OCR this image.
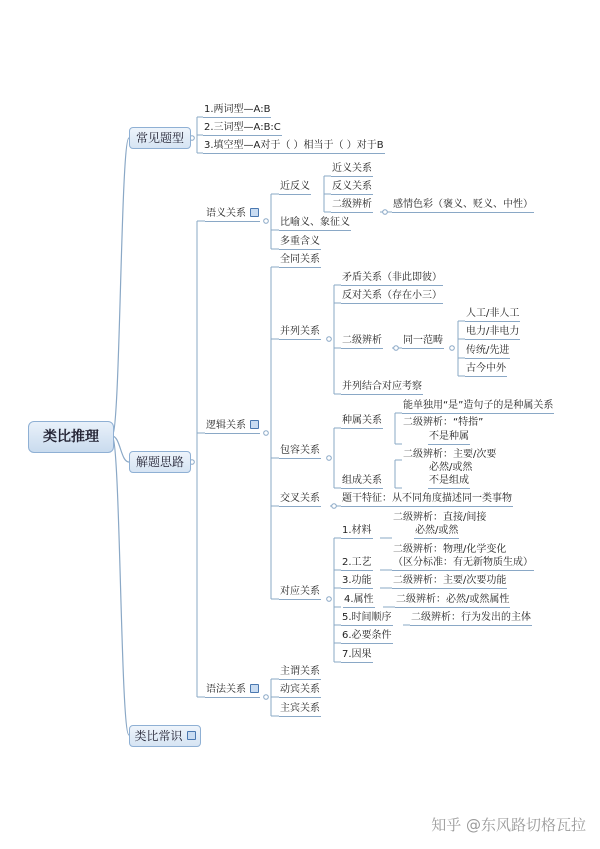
类比推理
常见题型
解题思路
类比常识
1.两词型—A:B
2.三词型—A:B:C
3.填空型—A对于（ ）相当于（ ）对于B
语义关系
近反义
近义关系
反义关系
二级辨析 感情色彩（褒义、贬义、中性）
比喻义、象征义
多重含义
逻辑关系
全同关系
并列关系
矛盾关系（非此即彼）
反对关系（存在小三）
二级辨析 同一范畴
人工/非人工
电力/非电力
传统/先进
古今中外
并列结合对应考察
包容关系
种属关系
能单独用“是”造句子的是种属关系
二级辨析：“特指”
不是种属
组成关系
二级辨析：主要/次要
必然/或然
不是组成
交叉关系 题干特征：从不同角度描述同一类事物
对应关系
1.材料
二级辨析：直接/间接
必然/或然
2.工艺
二级辨析：物理/化学变化
（区分标准：有无新物质生成）
3.功能 二级辨析：主要/次要功能
4.属性 二级辨析：必然/或然属性
5.时间顺序 二级辨析：行为发出的主体
6.必要条件
7.因果
语法关系
主谓关系
动宾关系
主宾关系
知乎 @东风路切格瓦拉
